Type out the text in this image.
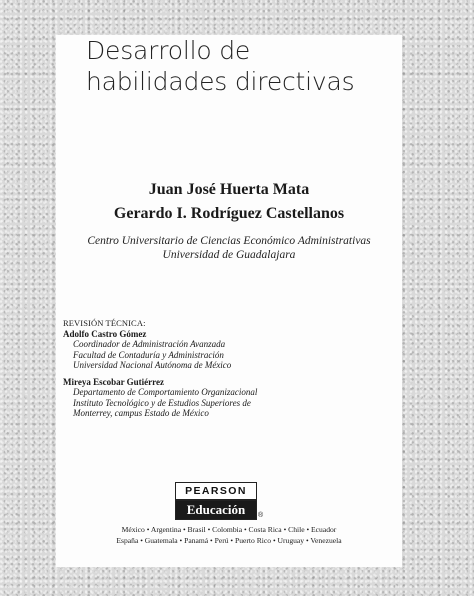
Desarrollo de
habilidades directivas
Juan José Huerta Mata
Gerardo I. Rodríguez Castellanos
Centro Universitario de Ciencias Económico Administrativas
Universidad de Guadalajara
REVISIÓN TÉCNICA:
Adolfo Castro Gómez
Coordinador de Administración Avanzada
Facultad de Contaduría y Administración
Universidad Nacional Autónoma de México
Mireya Escobar Gutiérrez
Departamento de Comportamiento Organizacional
Instituto Tecnológico y de Estudios Superiores de
Monterrey, campus Estado de México
PEARSON
Educación	®
México • Argentina • Brasil • Colombia • Costa Rica • Chile • Ecuador
España • Guatemala • Panamá • Perú • Puerto Rico • Uruguay • Venezuela
